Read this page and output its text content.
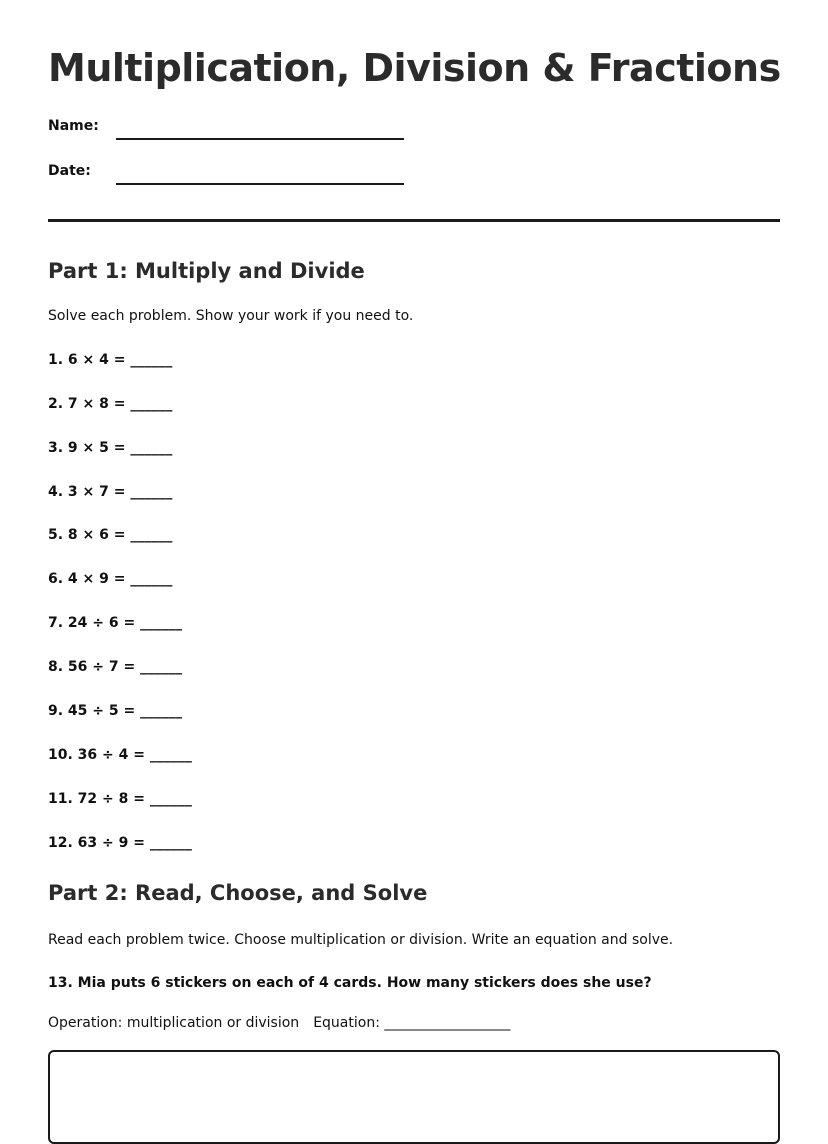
Multiplication, Division & Fractions
Name:
Date:
Part 1: Multiply and Divide
Solve each problem. Show your work if you need to.
1. 6 × 4 = ______
2. 7 × 8 = ______
3. 9 × 5 = ______
4. 3 × 7 = ______
5. 8 × 6 = ______
6. 4 × 9 = ______
7. 24 ÷ 6 = ______
8. 56 ÷ 7 = ______
9. 45 ÷ 5 = ______
10. 36 ÷ 4 = ______
11. 72 ÷ 8 = ______
12. 63 ÷ 9 = ______
Part 2: Read, Choose, and Solve
Read each problem twice. Choose multiplication or division. Write an equation and solve.
13. Mia puts 6 stickers on each of 4 cards. How many stickers does she use?
Operation: multiplication or division Equation: __________________
